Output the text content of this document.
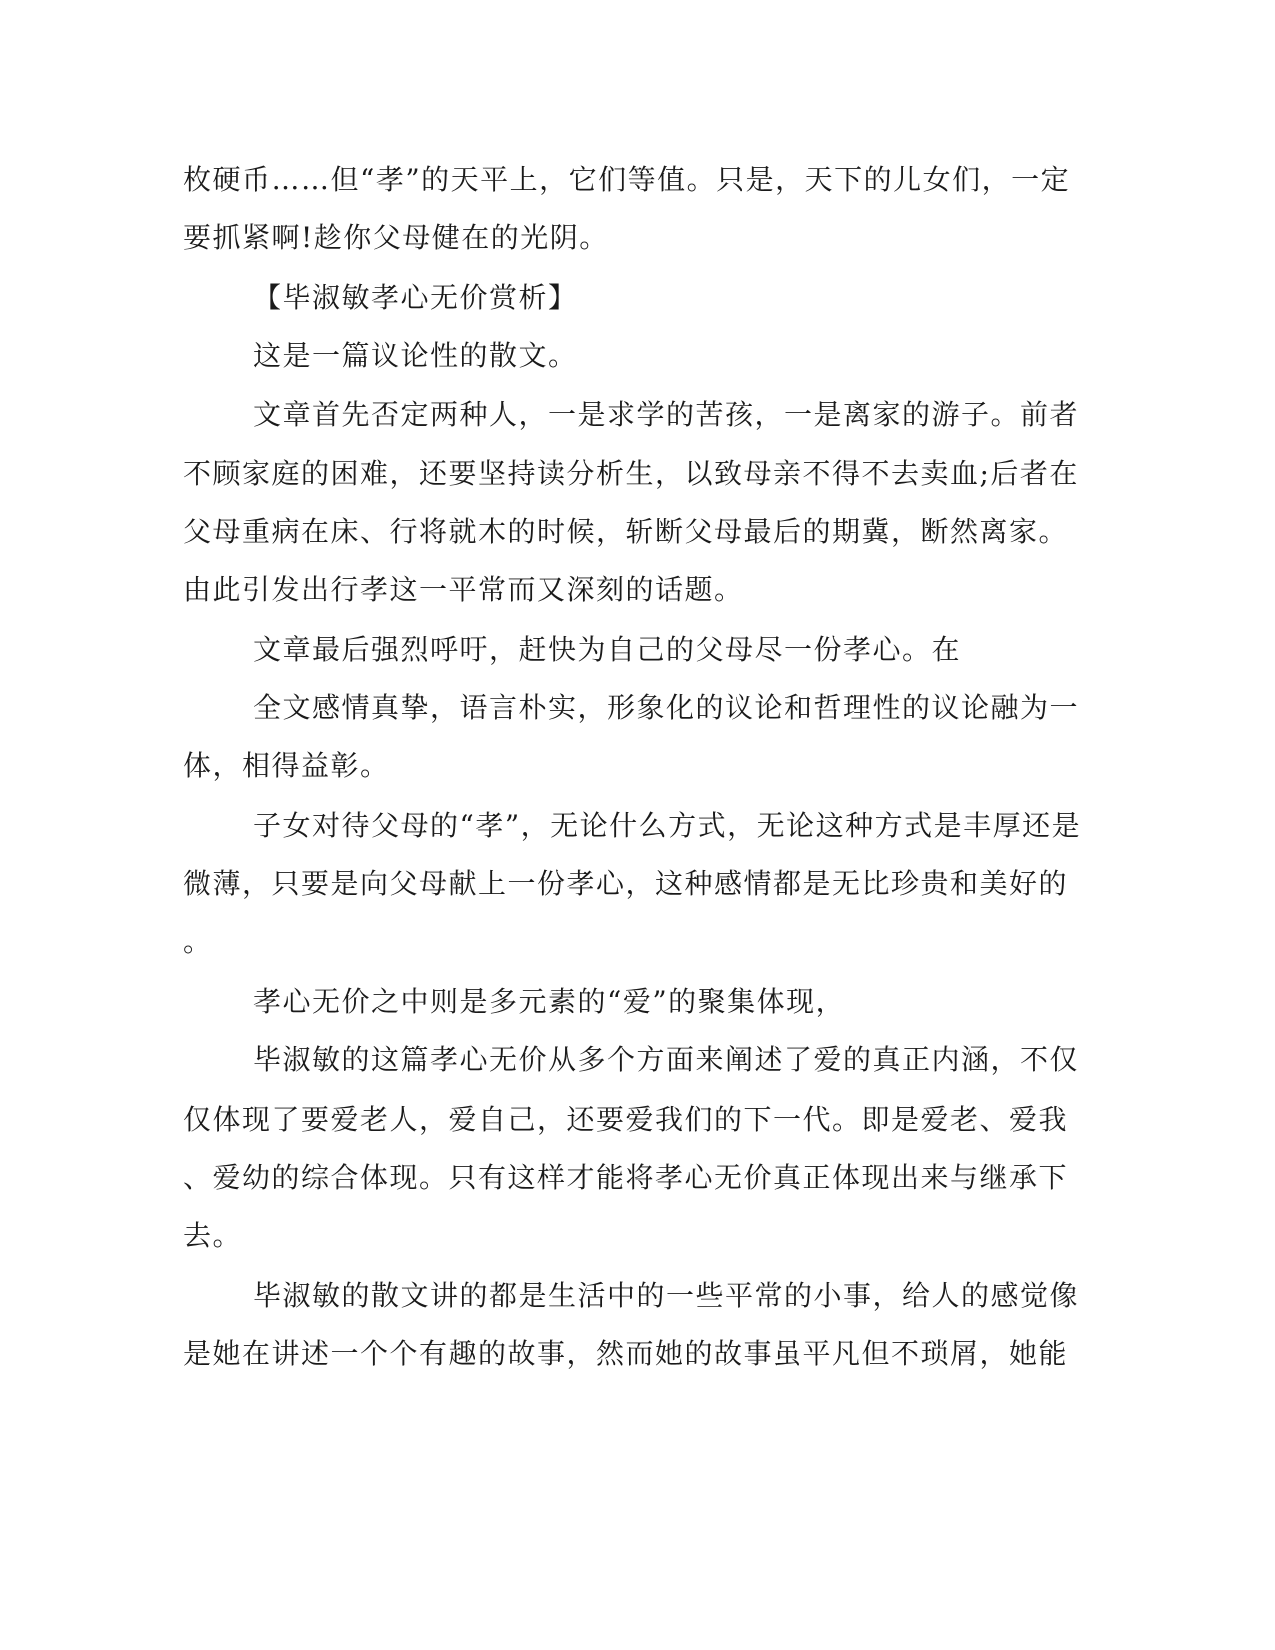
枚硬币……但“孝”的天平上，它们等值。只是，天下的儿女们，一定
要抓紧啊!趁你父母健在的光阴。
【毕淑敏孝心无价赏析】
这是一篇议论性的散文。
文章首先否定两种人，一是求学的苦孩，一是离家的游子。前者
不顾家庭的困难，还要坚持读分析生，以致母亲不得不去卖血;后者在
父母重病在床、行将就木的时候，斩断父母最后的期冀，断然离家。
由此引发出行孝这一平常而又深刻的话题。
文章最后强烈呼吁，赶快为自己的父母尽一份孝心。在
全文感情真挚，语言朴实，形象化的议论和哲理性的议论融为一
体，相得益彰。
子女对待父母的“孝”，无论什么方式，无论这种方式是丰厚还是
微薄，只要是向父母献上一份孝心，这种感情都是无比珍贵和美好的
。
孝心无价之中则是多元素的“爱”的聚集体现，
毕淑敏的这篇孝心无价从多个方面来阐述了爱的真正内涵，不仅
仅体现了要爱老人，爱自己，还要爱我们的下一代。即是爱老、爱我
、爱幼的综合体现。只有这样才能将孝心无价真正体现出来与继承下
去。
毕淑敏的散文讲的都是生活中的一些平常的小事，给人的感觉像
是她在讲述一个个有趣的故事，然而她的故事虽平凡但不琐屑，她能
